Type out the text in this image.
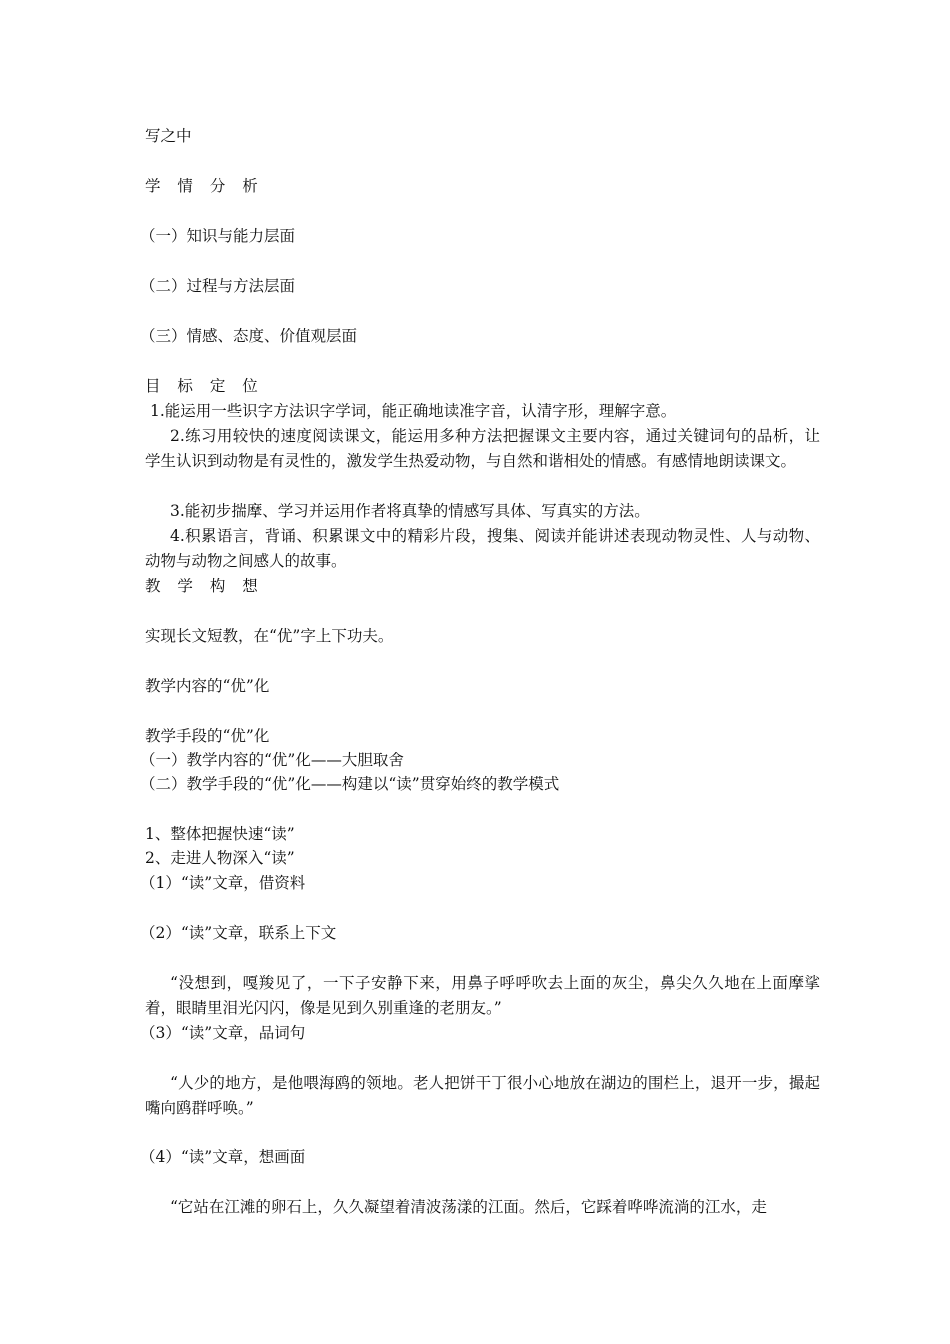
写之中

学 情 分 析

（一）知识与能力层面

（二）过程与方法层面

（三）情感、态度、价值观层面

目 标 定 位

1.能运用一些识字方法识字学词，能正确地读准字音，认清字形，理解字意。

2.练习用较快的速度阅读课文，能运用多种方法把握课文主要内容，通过关键词句的品析，让学生认识到动物是有灵性的，激发学生热爱动物，与自然和谐相处的情感。有感情地朗读课文。

3.能初步揣摩、学习并运用作者将真挚的情感写具体、写真实的方法。

4.积累语言，背诵、积累课文中的精彩片段，搜集、阅读并能讲述表现动物灵性、人与动物、动物与动物之间感人的故事。

教 学 构 想

实现长文短教，在“优”字上下功夫。

教学内容的“优”化

教学手段的“优”化

（一）教学内容的“优”化——大胆取舍

（二）教学手段的“优”化——构建以“读”贯穿始终的教学模式

1、整体把握快速“读”

2、走进人物深入“读”

（1）“读”文章，借资料

（2）“读”文章，联系上下文

“没想到，嘎羧见了，一下子安静下来，用鼻子呼呼吹去上面的灰尘，鼻尖久久地在上面摩挲着，眼睛里泪光闪闪，像是见到久别重逢的老朋友。”

（3）“读”文章，品词句

“人少的地方，是他喂海鸥的领地。老人把饼干丁很小心地放在湖边的围栏上，退开一步，撮起嘴向鸥群呼唤。”

（4）“读”文章，想画面

“它站在江滩的卵石上，久久凝望着清波荡漾的江面。然后，它踩着哗哗流淌的江水，走
